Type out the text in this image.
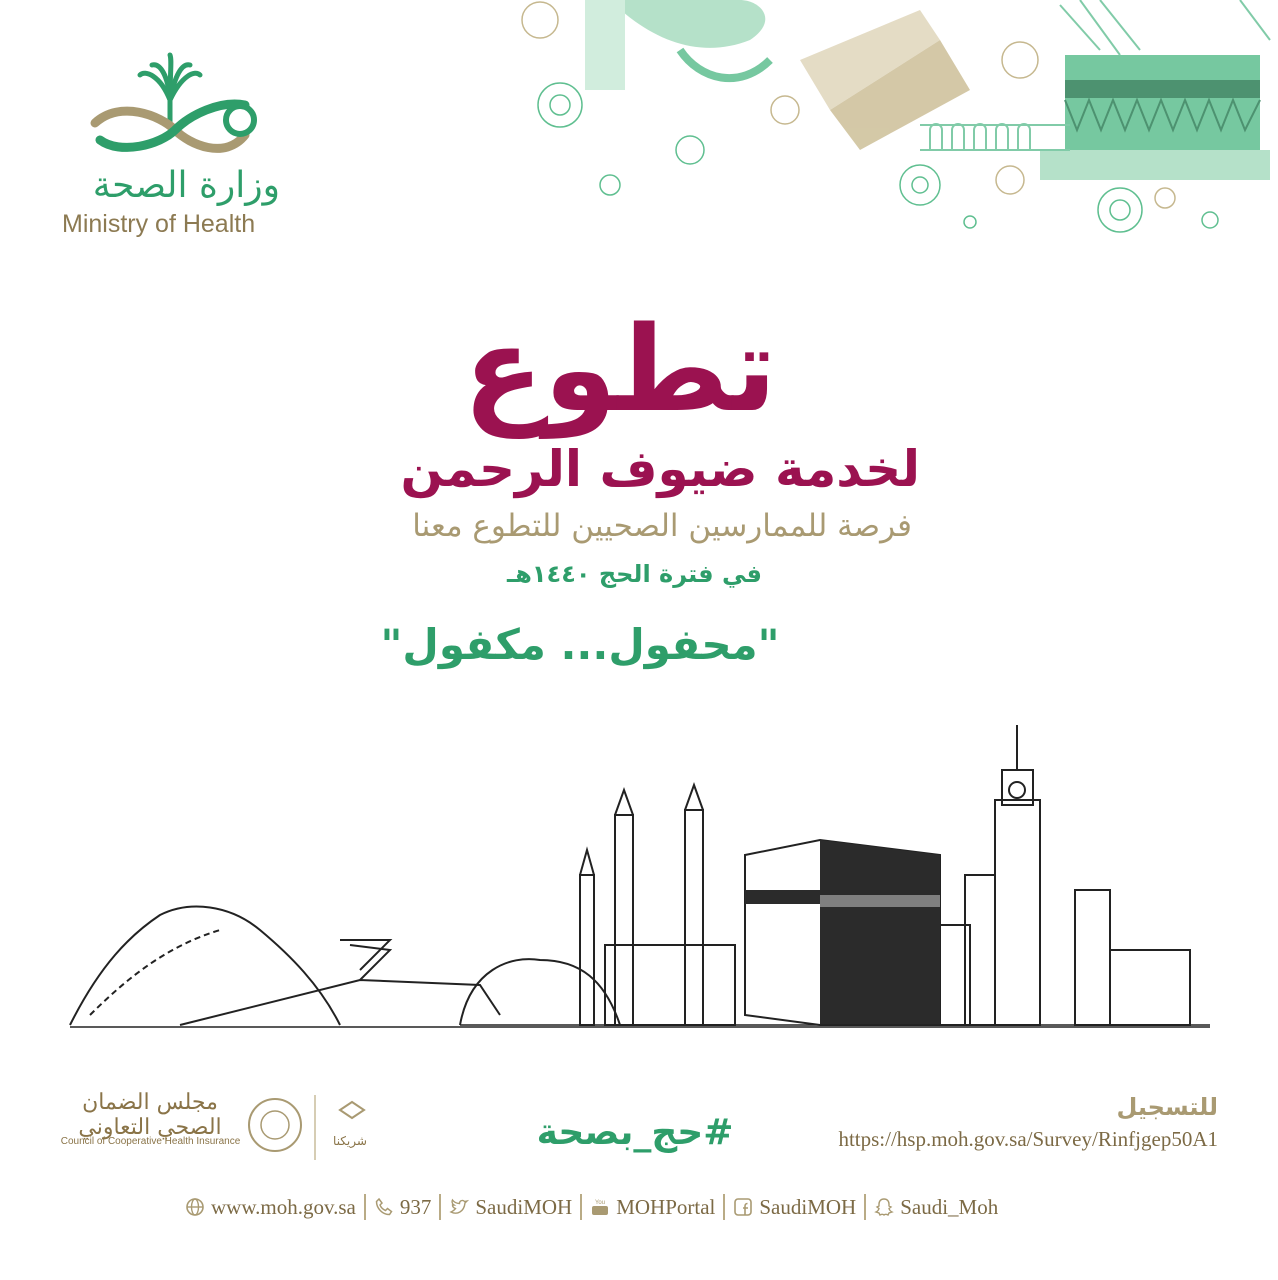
وزارة الصحة
Ministry of Health
تطوع
لخدمة ضيوف الرحمن
فرصة للممارسين الصحيين للتطوع معنا
في فترة الحج ١٤٤٠هـ
"محفول... مكفول"
مجلس الضمان الصحي التعاوني
Council of Cooperative Health Insurance	شريكنا	#حج_بصحة
للتسجيل
https://hsp.moh.gov.sa/Survey/Rinfjgep50A1
www.moh.gov.sa 937 SaudiMOH	You MOHPortal SaudiMOH Saudi_Moh
